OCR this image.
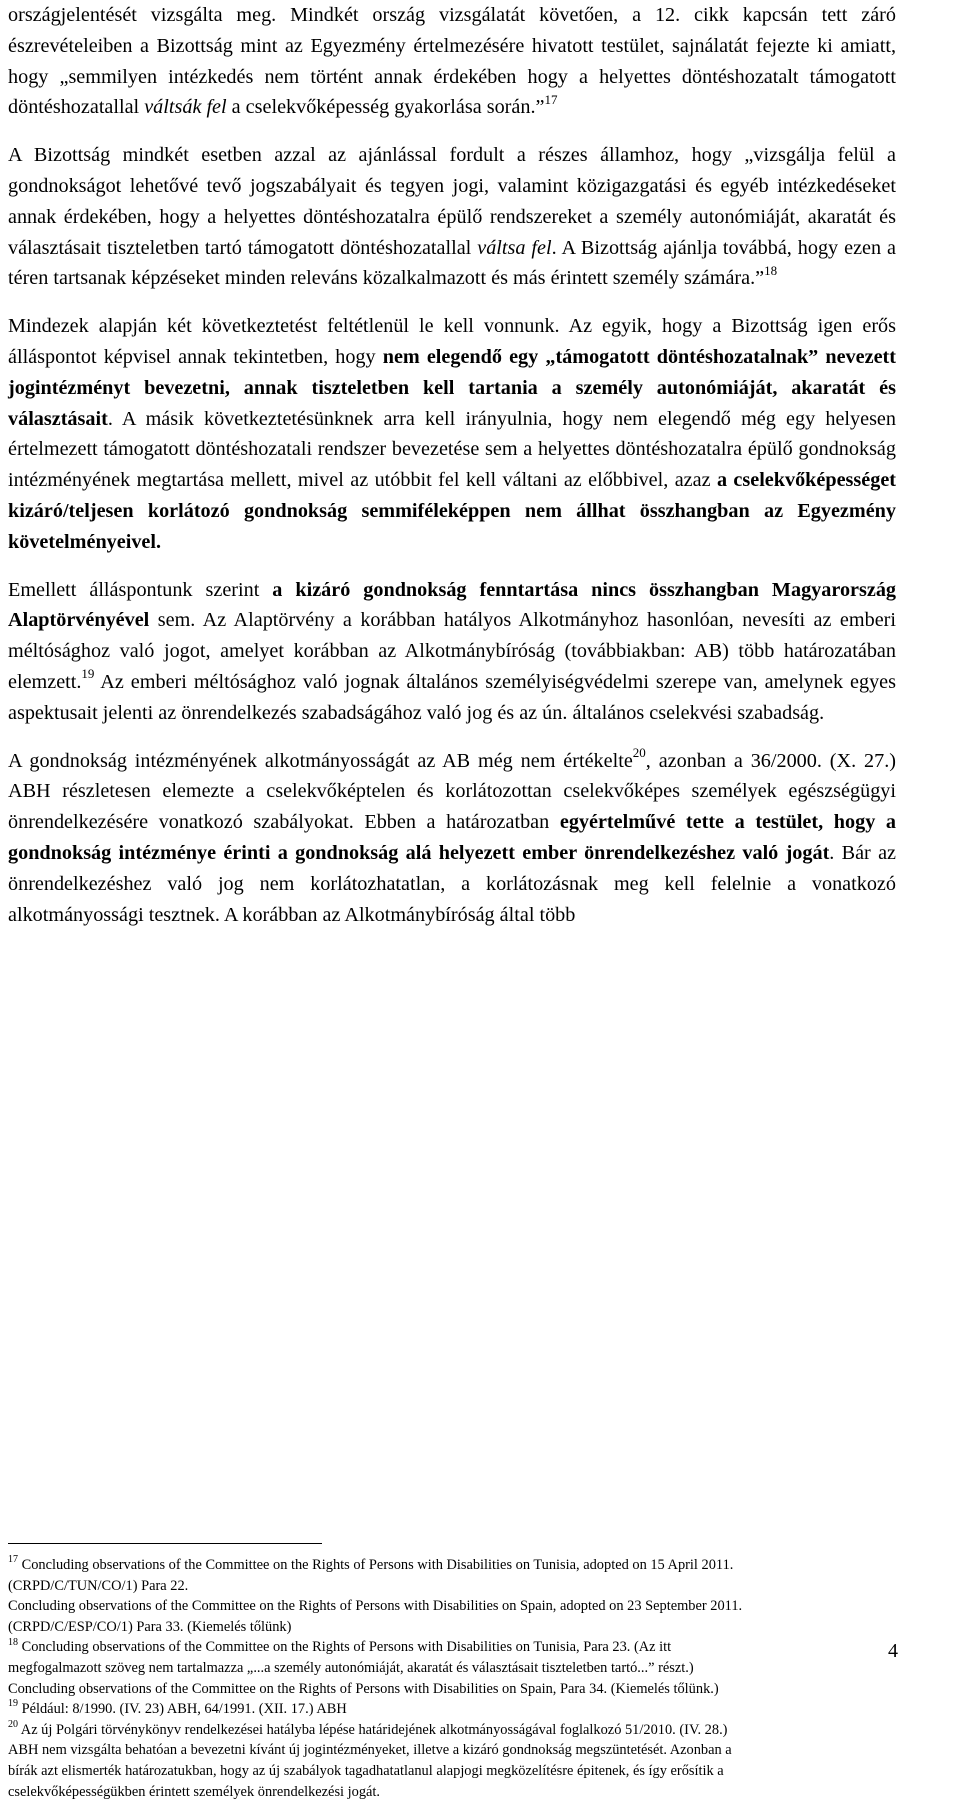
országjelentését vizsgálta meg. Mindkét ország vizsgálatát követően, a 12. cikk kapcsán tett záró észrevételeiben a Bizottság mint az Egyezmény értelmezésére hivatott testület, sajnálatát fejezte ki amiatt, hogy „semmilyen intézkedés nem történt annak érdekében hogy a helyettes döntéshozatalt támogatott döntéshozatallal váltsák fel a cselekvőképesség gyakorlása során.”$^{17}$

A Bizottság mindkét esetben azzal az ajánlással fordult a részes államhoz, hogy „vizsgálja felül a gondnokságot lehetővé tevő jogszabályait és tegyen jogi, valamint közigazgatási és egyéb intézkedéseket annak érdekében, hogy a helyettes döntéshozatalra épülő rendszereket a személy autonómiáját, akaratát és választásait tiszteletben tartó támogatott döntéshozatallal váltsa fel. A Bizottság ajánlja továbbá, hogy ezen a téren tartsanak képzéseket minden releváns közalkalmazott és más érintett személy számára.”$^{18}$

Mindezek alapján két következtetést feltétlenül le kell vonnunk. Az egyik, hogy a Bizottság igen erős álláspontot képvisel annak tekintetben, hogy nem elegendő egy „támogatott döntéshozatalnak” nevezett jogintézményt bevezetni, annak tiszteletben kell tartania a személy autonómiáját, akaratát és választásait. A másik következtetésünknek arra kell irányulnia, hogy nem elegendő még egy helyesen értelmezett támogatott döntéshozatali rendszer bevezetése sem a helyettes döntéshozatalra épülő gondnokság intézményének megtartása mellett, mivel az utóbbit fel kell váltani az előbbivel, azaz a cselekvőképességet kizáró/teljesen korlátozó gondnokság semmiféleképpen nem állhat összhangban az Egyezmény követelményeivel.

Emellett álláspontunk szerint a kizáró gondnokság fenntartása nincs összhangban Magyarország Alaptörvényével sem. Az Alaptörvény a korábban hatályos Alkotmányhoz hasonlóan, nevesíti az emberi méltósághoz való jogot, amelyet korábban az Alkotmánybíróság (továbbiakban: AB) több határozatában elemzett.$^{19}$ Az emberi méltósághoz való jognak általános személyiségvédelmi szerepe van, amelynek egyes aspektusait jelenti az önrendelkezés szabadságához való jog és az ún. általános cselekvési szabadság.

A gondnokság intézményének alkotmányosságát az AB még nem értékelte$^{20}$, azonban a 36/2000. (X. 27.) ABH részletesen elemezte a cselekvőképtelen és korlátozottan cselekvőképes személyek egészségügyi önrendelkezésére vonatkozó szabályokat. Ebben a határozatban egyértelművé tette a testület, hogy a gondnokság intézménye érinti a gondnokság alá helyezett ember önrendelkezéshez való jogát. Bár az önrendelkezéshez való jog nem korlátozhatatlan, a korlátozásnak meg kell felelnie a vonatkozó alkotmányossági tesztnek. A korábban az Alkotmánybíróság által több

$^{17}$ Concluding observations of the Committee on the Rights of Persons with Disabilities on Tunisia, adopted on 15 April 2011.

(CRPD/C/TUN/CO/1) Para 22.

Concluding observations of the Committee on the Rights of Persons with Disabilities on Spain, adopted on 23 September 2011.

(CRPD/C/ESP/CO/1) Para 33. (Kiemelés tőlünk)

$^{18}$ Concluding observations of the Committee on the Rights of Persons with Disabilities on Tunisia, Para 23. (Az itt

megfogalmazott szöveg nem tartalmazza „...a személy autonómiáját, akaratát és választásait tiszteletben tartó...” részt.)

Concluding observations of the Committee on the Rights of Persons with Disabilities on Spain, Para 34. (Kiemelés tőlünk.)

$^{19}$ Például: 8/1990. (IV. 23) ABH, 64/1991. (XII. 17.) ABH

$^{20}$ Az új Polgári törvénykönyv rendelkezései hatályba lépése határidejének alkotmányosságával foglalkozó 51/2010. (IV. 28.)

ABH nem vizsgálta behatóan a bevezetni kívánt új jogintézményeket, illetve a kizáró gondnokság megszüntetését. Azonban a

bírák azt elismerték határozatukban, hogy az új szabályok tagadhatatlanul alapjogi megközelítésre épitenek, és így erősítik a

cselekvőképességükben érintett személyek önrendelkezési jogát.

4
